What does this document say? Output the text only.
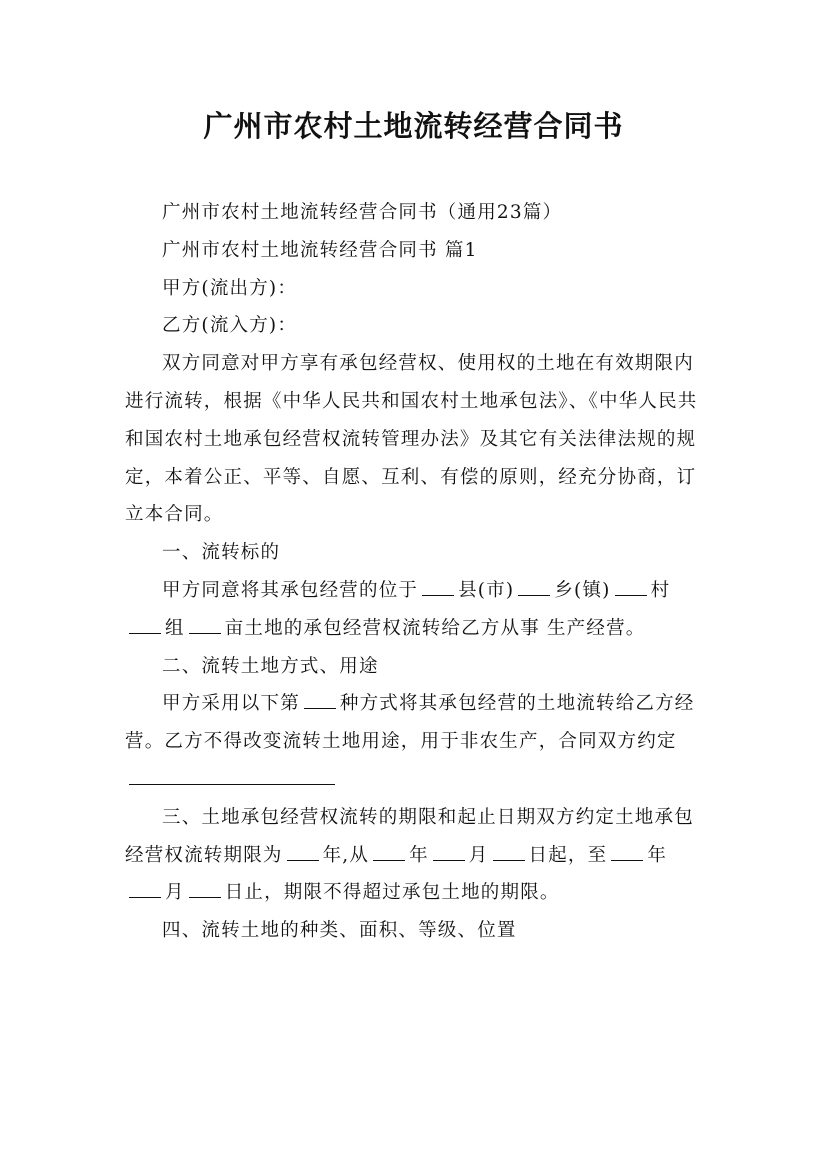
广州市农村土地流转经营合同书

广州市农村土地流转经营合同书（通用23篇）

广州市农村土地流转经营合同书 篇1

甲方(流出方)：

乙方(流入方)：

双方同意对甲方享有承包经营权、使用权的土地在有效期限内进行流转，根据《中华人民共和国农村土地承包法》、《中华人民共和国农村土地承包经营权流转管理办法》及其它有关法律法规的规定，本着公正、平等、自愿、互利、有偿的原则，经充分协商，订立本合同。

一、流转标的

甲方同意将其承包经营的位于 县(市) 乡(镇) 村组 亩土地的承包经营权流转给乙方从事 生产经营。

二、流转土地方式、用途

甲方采用以下第 种方式将其承包经营的土地流转给乙方经营。乙方不得改变流转土地用途，用于非农生产，合同双方约定

三、土地承包经营权流转的期限和起止日期双方约定土地承包经营权流转期限为 年,从 年 月 日起，至 年月 日止，期限不得超过承包土地的期限。

四、流转土地的种类、面积、等级、位置
